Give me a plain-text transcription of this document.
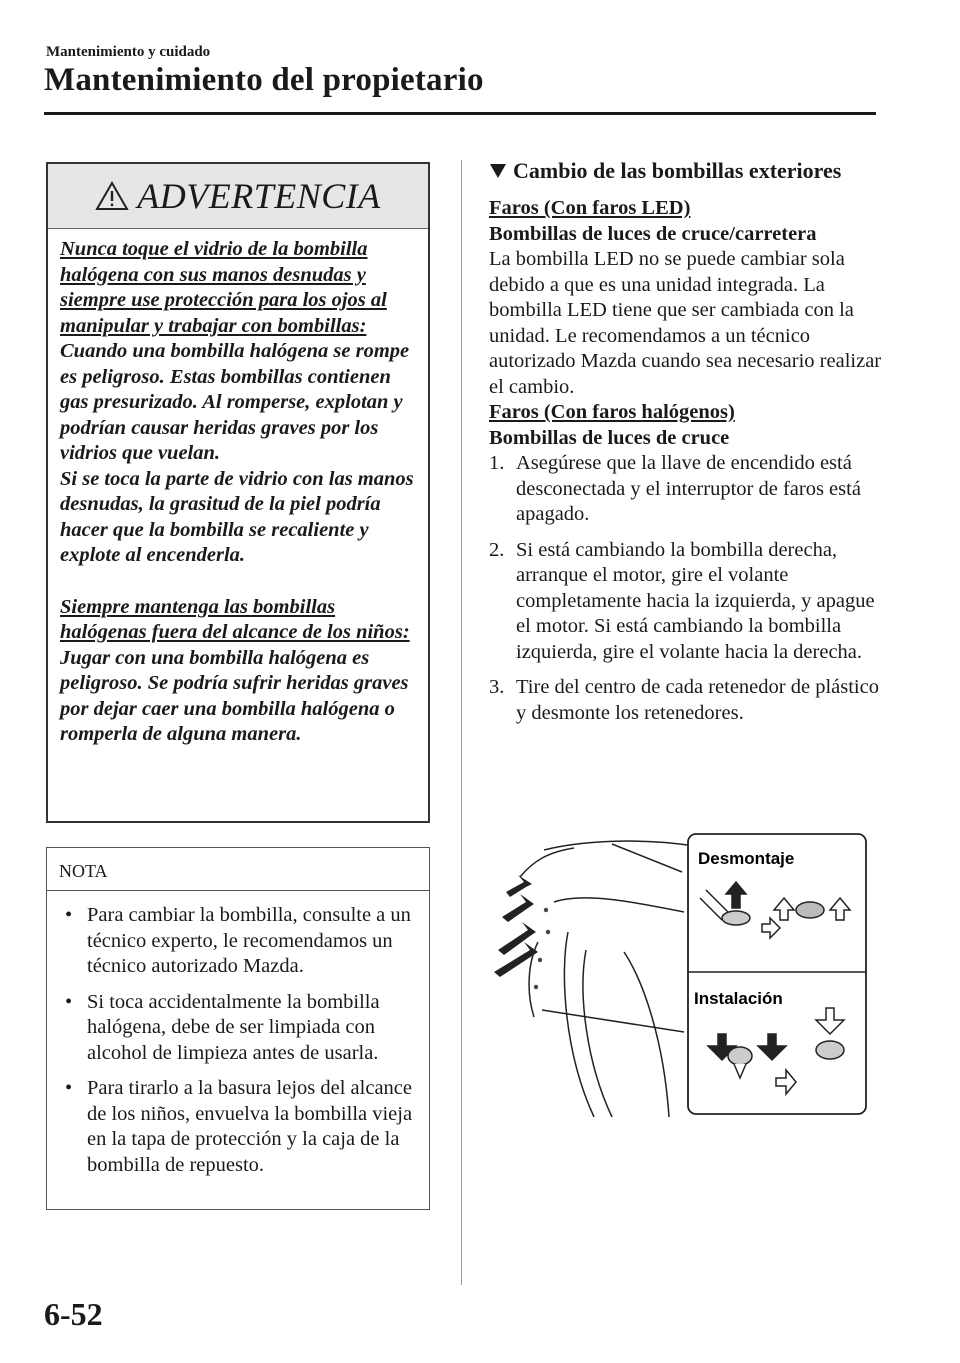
Mantenimiento y cuidado
Mantenimiento del propietario
ADVERTENCIA

Nunca toque el vidrio de la bombilla halógena con sus manos desnudas y siempre use protección para los ojos al manipular y trabajar con bombillas:

Cuando una bombilla halógena se rompe es peligroso. Estas bombillas contienen gas presurizado. Al romperse, explotan y podrían causar heridas graves por los vidrios que vuelan.

Si se toca la parte de vidrio con las manos desnudas, la grasitud de la piel podría hacer que la bombilla se recaliente y explote al encenderla.

Siempre mantenga las bombillas halógenas fuera del alcance de los niños:

Jugar con una bombilla halógena es peligroso. Se podría sufrir heridas graves por dejar caer una bombilla halógena o romperla de alguna manera.

NOTA
• Para cambiar la bombilla, consulte a un técnico experto, le recomendamos un técnico autorizado Mazda.
• Si toca accidentalmente la bombilla halógena, debe de ser limpiada con alcohol de limpieza antes de usarla.
• Para tirarlo a la basura lejos del alcance de los niños, envuelva la bombilla vieja en la tapa de protección y la caja de la bombilla de repuesto.
Cambio de las bombillas exteriores

Faros (Con faros LED)

Bombillas de luces de cruce/carretera

La bombilla LED no se puede cambiar sola debido a que es una unidad integrada. La bombilla LED tiene que ser cambiada con la unidad. Le recomendamos a un técnico autorizado Mazda cuando sea necesario realizar el cambio.

Faros (Con faros halógenos)

Bombillas de luces de cruce

1. Asegúrese que la llave de encendido está desconectada y el interruptor de faros está apagado.
2. Si está cambiando la bombilla derecha, arranque el motor, gire el volante completamente hacia la izquierda, y apague el motor. Si está cambiando la bombilla izquierda, gire el volante hacia la derecha.
3. Tire del centro de cada retenedor de plástico y desmonte los retenedores.
Desmontaje
Instalación
6-52
